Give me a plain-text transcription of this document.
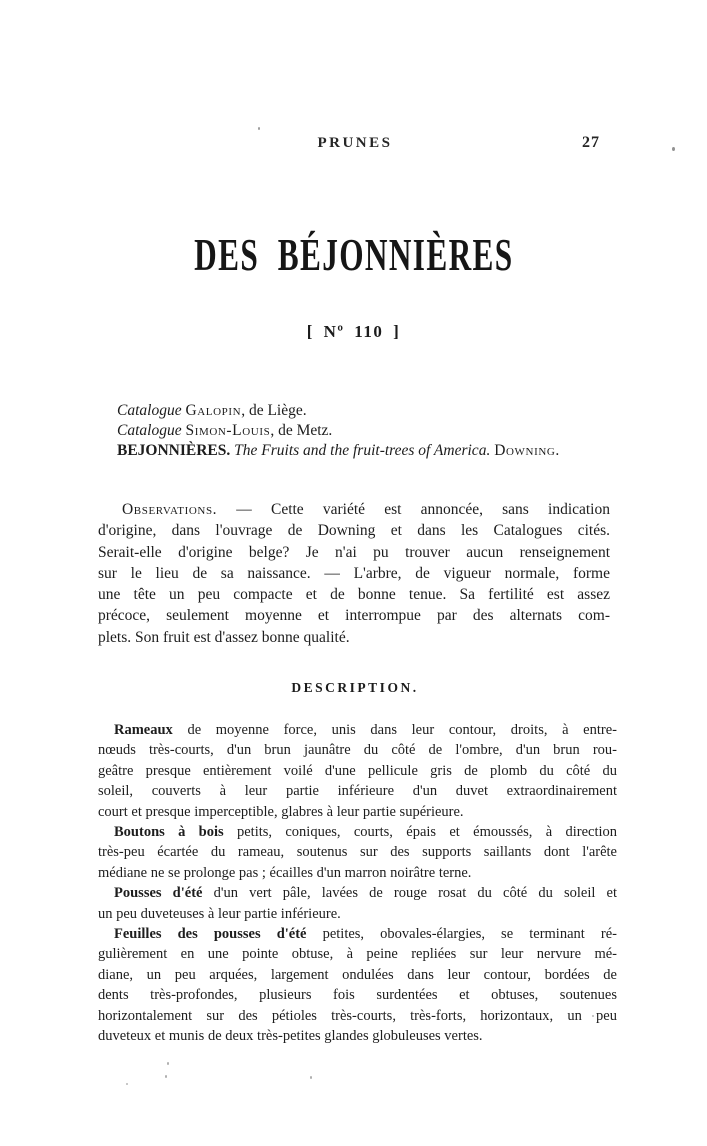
PRUNES	27
DES BÉJONNIÈRES
[ Nº 110 ]
Catalogue Galopin, de Liège.
Catalogue Simon-Louis, de Metz.
BEJONNIÈRES. The Fruits and the fruit-trees of America. Downing.
Observations. — Cette variété est annoncée, sans indication
d'origine, dans l'ouvrage de Downing et dans les Catalogues cités.
Serait-elle d'origine belge? Je n'ai pu trouver aucun renseignement
sur le lieu de sa naissance. — L'arbre, de vigueur normale, forme
une tête un peu compacte et de bonne tenue. Sa fertilité est assez
précoce, seulement moyenne et interrompue par des alternats com-
plets. Son fruit est d'assez bonne qualité.
DESCRIPTION.
Rameaux de moyenne force, unis dans leur contour, droits, à entre-
nœuds très-courts, d'un brun jaunâtre du côté de l'ombre, d'un brun rou-
geâtre presque entièrement voilé d'une pellicule gris de plomb du côté du
soleil, couverts à leur partie inférieure d'un duvet extraordinairement
court et presque imperceptible, glabres à leur partie supérieure.
Boutons à bois petits, coniques, courts, épais et émoussés, à direction
très-peu écartée du rameau, soutenus sur des supports saillants dont l'arête
médiane ne se prolonge pas ; écailles d'un marron noirâtre terne.
Pousses d'été d'un vert pâle, lavées de rouge rosat du côté du soleil et
un peu duveteuses à leur partie inférieure.
Feuilles des pousses d'été petites, obovales-élargies, se terminant ré-
gulièrement en une pointe obtuse, à peine repliées sur leur nervure mé-
diane, un peu arquées, largement ondulées dans leur contour, bordées de
dents très-profondes, plusieurs fois surdentées et obtuses, soutenues
horizontalement sur des pétioles très-courts, très-forts, horizontaux, un peu
duveteux et munis de deux très-petites glandes globuleuses vertes.
